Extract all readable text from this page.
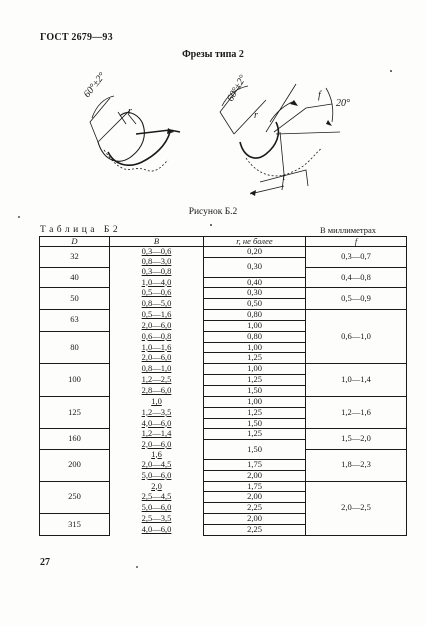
ГОСТ 2679—93
Фрезы типа 2
60°±2°
r
60°±2°
r
f
20°
τ
Рисунок Б.2
Таблица Б2	В миллиметрах
D	B	r, не более	f
32	0,3—0,6	0,20	0,3—0,7
	0,8—3,0	0,30	
40	0,3—0,8		0,4—0,8
	1,0—4,0	0,40	
50	0,5—0,6	0,30	0,5—0,9
	0,8—5,0	0,50	
63	0,5—1,6	0,80	0,6—1,0
	2,0—6,0	1,00	
80	0,6—0,8	0,80	
	1,0—1,6	1,00	
	2,0—6,0	1,25	
100	0,8—1,0	1,00	1,0—1,4
	1,2—2,5	1,25	
	2,8—6,0	1,50	
125	1,0	1,00	1,2—1,6
	1,2—3,5	1,25	
	4,0—6,0	1,50	
160	1,2—1,4	1,25	1,5—2,0
	2,0—6,0	1,50	
200	1,6		1,8—2,3
	2,0—4,5	1,75	
	5,0—6,0	2,00	
250	2,0	1,75	2,0—2,5
	2,5—4,5	2,00	
	5,0—6,0	2,25	
315	2,5—3,5	2,00	
	4,0—6,0	2,25	
27
